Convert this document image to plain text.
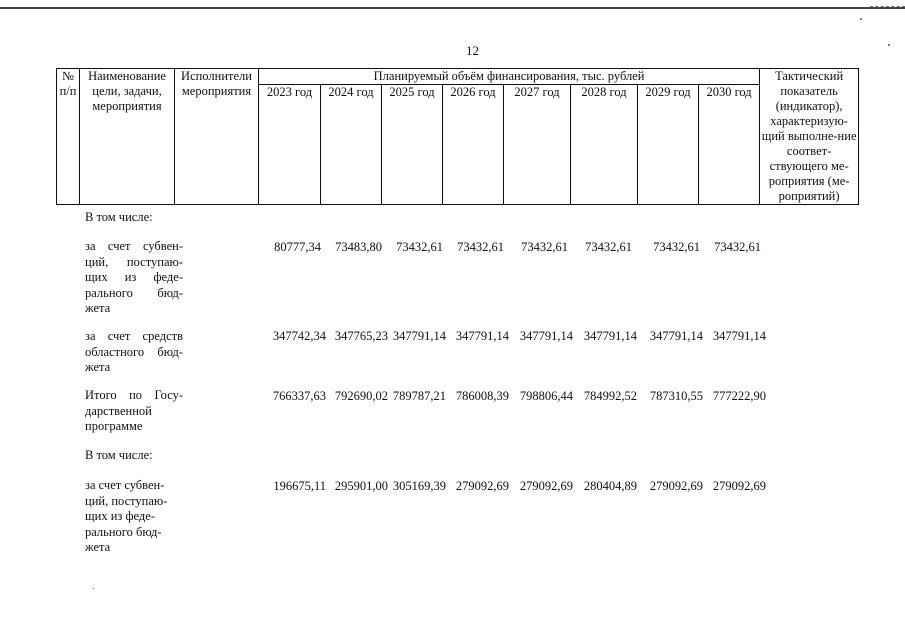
12
№
п/п	Наименование цели, задачи, мероприятия	Исполнители мероприятия	Планируемый объём финансирования, тыс. рублей								Тактический показатель (индикатор), характеризую-щий выполне-ние соответ-ствующего ме-роприятия (ме-роприятий)
			2023 год	2024 год	2025 год	2026 год	2027 год	2028 год	2029 год	2030 год	
В том числе:
за счет субвен-ций, поступаю-щих из феде-рального бюд-жета
80777,34	73483,80	73432,61	73432,61	73432,61	73432,61	73432,61	73432,61
за счет средств областного бюд-жета
347742,34 347765,23 347791,14 347791,14 347791,14 347791,14	347791,14 347791,14
Итого по Госу-дарственной программе
766337,63 792690,02 789787,21 786008,39 798806,44 784992,52	787310,55 777222,90
В том числе:
за счет субвен-ций, поступаю-щих из феде-рального бюд-жета
196675,11 295901,00 305169,39 279092,69 279092,69 280404,89	279092,69 279092,69
